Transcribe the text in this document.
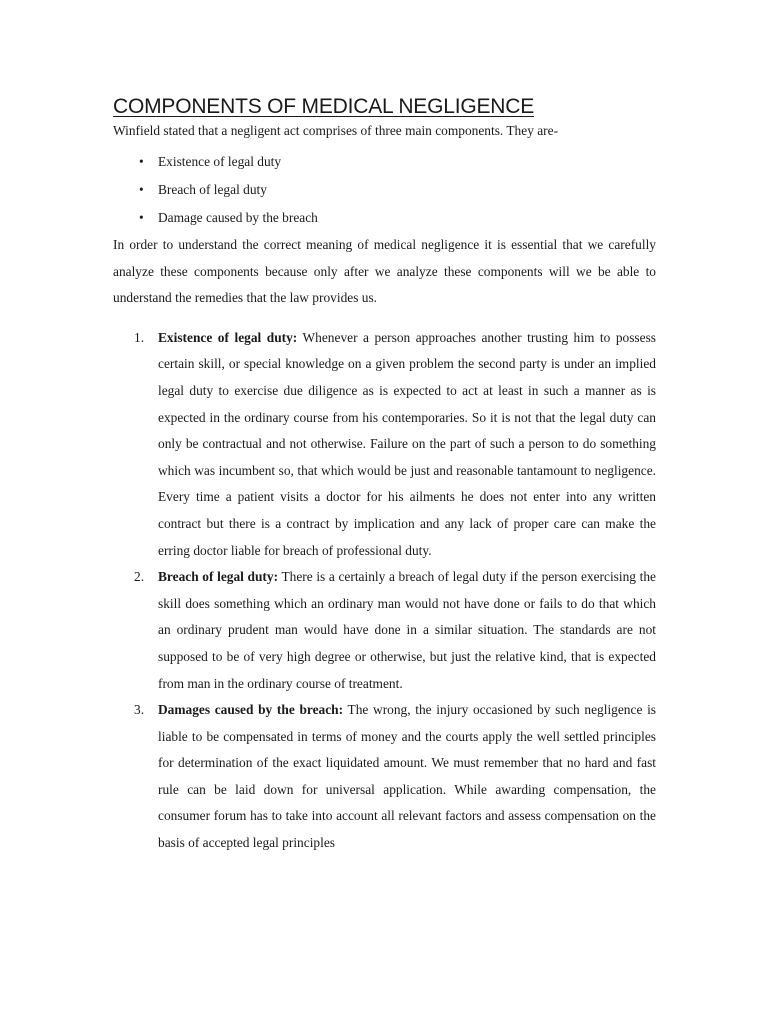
COMPONENTS OF MEDICAL NEGLIGENCE

Winfield stated that a negligent act comprises of three main components. They are-

• Existence of legal duty
• Breach of legal duty
• Damage caused by the breach

In order to understand the correct meaning of medical negligence it is essential that we carefully analyze these components because only after we analyze these components will we be able to understand the remedies that the law provides us.

1. Existence of legal duty: Whenever a person approaches another trusting him to possess certain skill, or special knowledge on a given problem the second party is under an implied legal duty to exercise due diligence as is expected to act at least in such a manner as is expected in the ordinary course from his contemporaries. So it is not that the legal duty can only be contractual and not otherwise. Failure on the part of such a person to do something which was incumbent so, that which would be just and reasonable tantamount to negligence. Every time a patient visits a doctor for his ailments he does not enter into any written contract but there is a contract by implication and any lack of proper care can make the erring doctor liable for breach of professional duty.
2. Breach of legal duty: There is a certainly a breach of legal duty if the person exercising the skill does something which an ordinary man would not have done or fails to do that which an ordinary prudent man would have done in a similar situation. The standards are not supposed to be of very high degree or otherwise, but just the relative kind, that is expected from man in the ordinary course of treatment.
3. Damages caused by the breach: The wrong, the injury occasioned by such negligence is liable to be compensated in terms of money and the courts apply the well settled principles for determination of the exact liquidated amount. We must remember that no hard and fast rule can be laid down for universal application. While awarding compensation, the consumer forum has to take into account all relevant factors and assess compensation on the basis of accepted legal principles
